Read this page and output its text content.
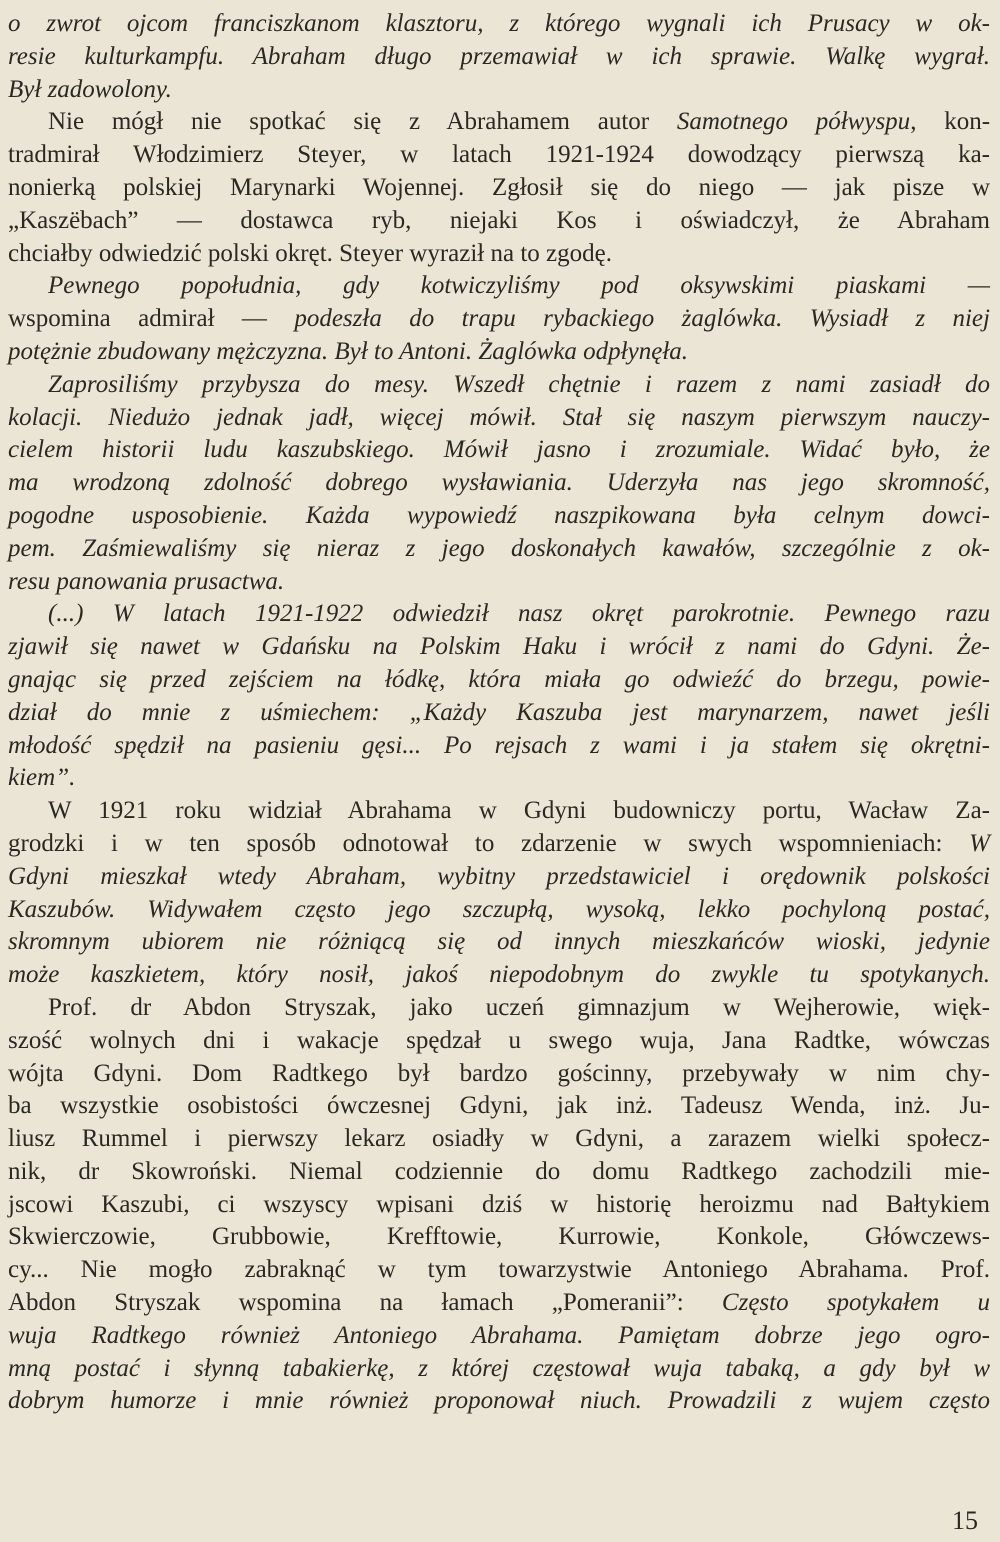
o zwrot ojcom franciszkanom klasztoru, z którego wygnali ich Prusacy w ok-
resie kulturkampfu. Abraham długo przemawiał w ich sprawie. Walkę wygrał.
Był zadowolony.
Nie mógł nie spotkać się z Abrahamem autor Samotnego półwyspu, kon-
tradmirał Włodzimierz Steyer, w latach 1921-1924 dowodzący pierwszą ka-
nonierką polskiej Marynarki Wojennej. Zgłosił się do niego — jak pisze w
„Kaszëbach” — dostawca ryb, niejaki Kos i oświadczył, że Abraham
chciałby odwiedzić polski okręt. Steyer wyraził na to zgodę.
Pewnego popołudnia, gdy kotwiczyliśmy pod oksywskimi piaskami —
wspomina admirał — podeszła do trapu rybackiego żaglówka. Wysiadł z niej
potężnie zbudowany mężczyzna. Był to Antoni. Żaglówka odpłynęła.
Zaprosiliśmy przybysza do mesy. Wszedł chętnie i razem z nami zasiadł do
kolacji. Niedużo jednak jadł, więcej mówił. Stał się naszym pierwszym nauczy-
cielem historii ludu kaszubskiego. Mówił jasno i zrozumiale. Widać było, że
ma wrodzoną zdolność dobrego wysławiania. Uderzyła nas jego skromność,
pogodne usposobienie. Każda wypowiedź naszpikowana była celnym dowci-
pem. Zaśmiewaliśmy się nieraz z jego doskonałych kawałów, szczególnie z ok-
resu panowania prusactwa.
(...) W latach 1921-1922 odwiedził nasz okręt parokrotnie. Pewnego razu
zjawił się nawet w Gdańsku na Polskim Haku i wrócił z nami do Gdyni. Że-
gnając się przed zejściem na łódkę, która miała go odwieźć do brzegu, powie-
dział do mnie z uśmiechem: „Każdy Kaszuba jest marynarzem, nawet jeśli
młodość spędził na pasieniu gęsi... Po rejsach z wami i ja stałem się okrętni-
kiem”.
W 1921 roku widział Abrahama w Gdyni budowniczy portu, Wacław Za-
grodzki i w ten sposób odnotował to zdarzenie w swych wspomnieniach: W
Gdyni mieszkał wtedy Abraham, wybitny przedstawiciel i orędownik polskości
Kaszubów. Widywałem często jego szczupłą, wysoką, lekko pochyloną postać,
skromnym ubiorem nie różniącą się od innych mieszkańców wioski, jedynie
może kaszkietem, który nosił, jakoś niepodobnym do zwykle tu spotykanych.
Prof. dr Abdon Stryszak, jako uczeń gimnazjum w Wejherowie, więk-
szość wolnych dni i wakacje spędzał u swego wuja, Jana Radtke, wówczas
wójta Gdyni. Dom Radtkego był bardzo gościnny, przebywały w nim chy-
ba wszystkie osobistości ówczesnej Gdyni, jak inż. Tadeusz Wenda, inż. Ju-
liusz Rummel i pierwszy lekarz osiadły w Gdyni, a zarazem wielki społecz-
nik, dr Skowroński. Niemal codziennie do domu Radtkego zachodzili mie-
jscowi Kaszubi, ci wszyscy wpisani dziś w historię heroizmu nad Bałtykiem
Skwierczowie, Grubbowie, Krefftowie, Kurrowie, Konkole, Główczews-
cy... Nie mogło zabraknąć w tym towarzystwie Antoniego Abrahama. Prof.
Abdon Stryszak wspomina na łamach „Pomeranii”: Często spotykałem u
wuja Radtkego również Antoniego Abrahama. Pamiętam dobrze jego ogro-
mną postać i słynną tabakierkę, z której częstował wuja tabaką, a gdy był w
dobrym humorze i mnie również proponował niuch. Prowadzili z wujem często
15
